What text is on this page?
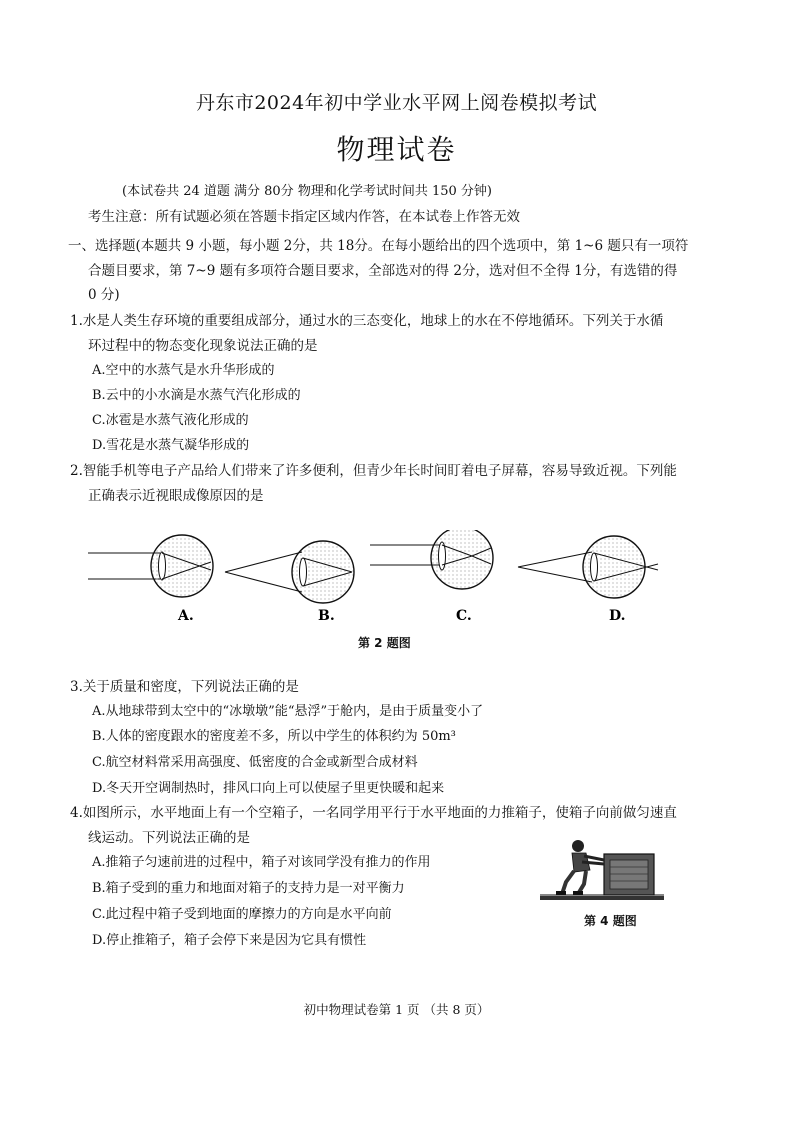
丹东市2024年初中学业水平网上阅卷模拟考试
物理试卷
(本试卷共 24 道题 满分 80分 物理和化学考试时间共 150 分钟)
考生注意：所有试题必须在答题卡指定区域内作答，在本试卷上作答无效
一、选择题(本题共 9 小题，每小题 2分，共 18分。在每小题给出的四个选项中，第 1~6 题只有一项符
合题目要求，第 7~9 题有多项符合题目要求，全部选对的得 2分，选对但不全得 1分，有选错的得
0 分)
1.水是人类生存环境的重要组成部分，通过水的三态变化，地球上的水在不停地循环。下列关于水循
环过程中的物态变化现象说法正确的是
A.空中的水蒸气是水升华形成的
B.云中的小水滴是水蒸气汽化形成的
C.冰雹是水蒸气液化形成的
D.雪花是水蒸气凝华形成的
2.智能手机等电子产品给人们带来了许多便利，但青少年长时间盯着电子屏幕，容易导致近视。下列能
正确表示近视眼成像原因的是
A.	B.	C.	D.
第 2 题图
3.关于质量和密度，下列说法正确的是
A.从地球带到太空中的“冰墩墩”能“悬浮”于舱内，是由于质量变小了
B.人体的密度跟水的密度差不多，所以中学生的体积约为 50m³
C.航空材料常采用高强度、低密度的合金或新型合成材料
D.冬天开空调制热时，排风口向上可以使屋子里更快暖和起来
4.如图所示，水平地面上有一个空箱子，一名同学用平行于水平地面的力推箱子，使箱子向前做匀速直
线运动。下列说法正确的是
A.推箱子匀速前进的过程中，箱子对该同学没有推力的作用
B.箱子受到的重力和地面对箱子的支持力是一对平衡力
C.此过程中箱子受到地面的摩擦力的方向是水平向前
D.停止推箱子，箱子会停下来是因为它具有惯性
第 4 题图
初中物理试卷第 1 页 （共 8 页）
